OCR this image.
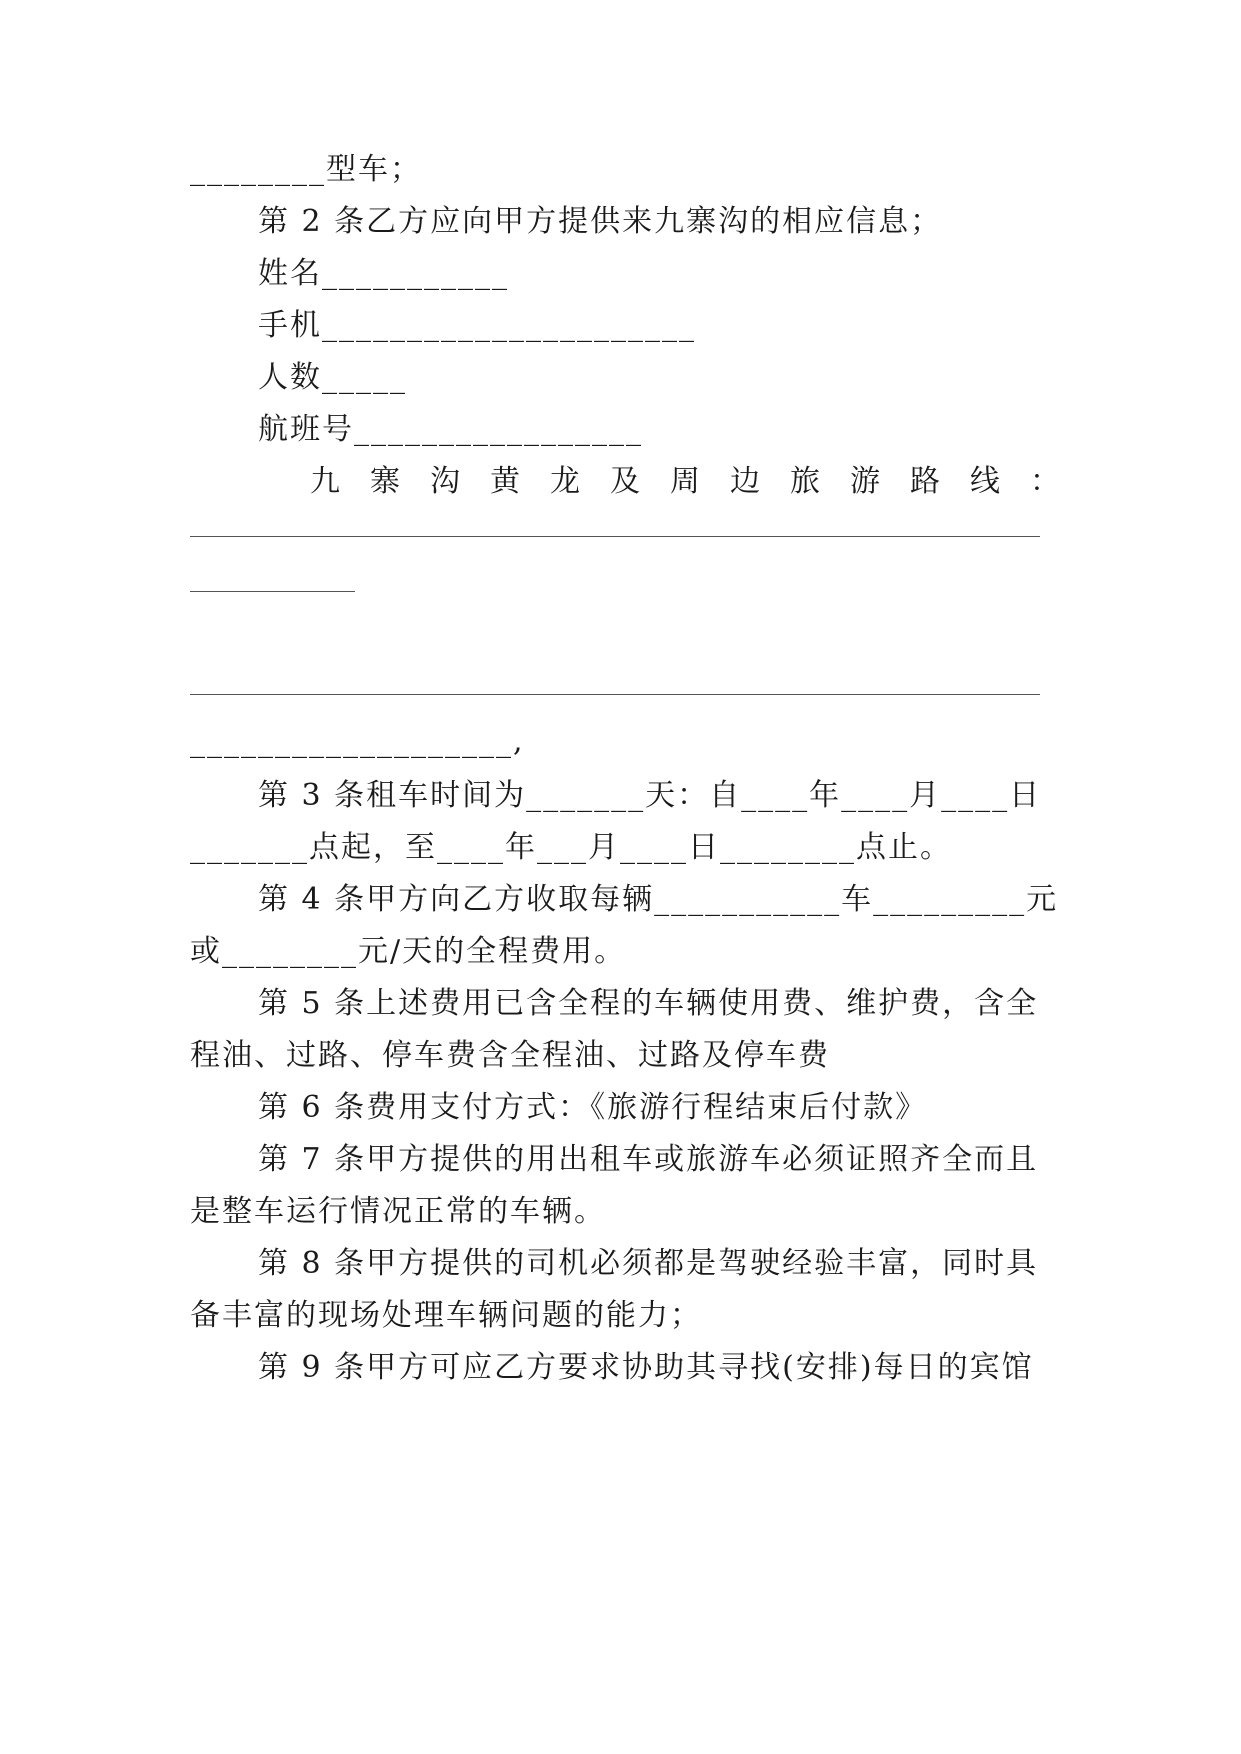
________型车；
第 2 条乙方应向甲方提供来九寨沟的相应信息；
姓名___________
手机______________________
人数_____
航班号_________________
九 寨 沟 黄 龙 及 周 边 旅 游 路 线 ：
___________________,
第 3 条租车时间为_______天：自____年____月____日
_______点起，至____年___月____日________点止。
第 4 条甲方向乙方收取每辆___________车_________元
或________元/天的全程费用。
第 5 条上述费用已含全程的车辆使用费、维护费，含全
程油、过路、停车费含全程油、过路及停车费
第 6 条费用支付方式：《旅游行程结束后付款》
第 7 条甲方提供的用出租车或旅游车必须证照齐全而且
是整车运行情况正常的车辆。
第 8 条甲方提供的司机必须都是驾驶经验丰富，同时具
备丰富的现场处理车辆问题的能力；
第 9 条甲方可应乙方要求协助其寻找(安排)每日的宾馆
